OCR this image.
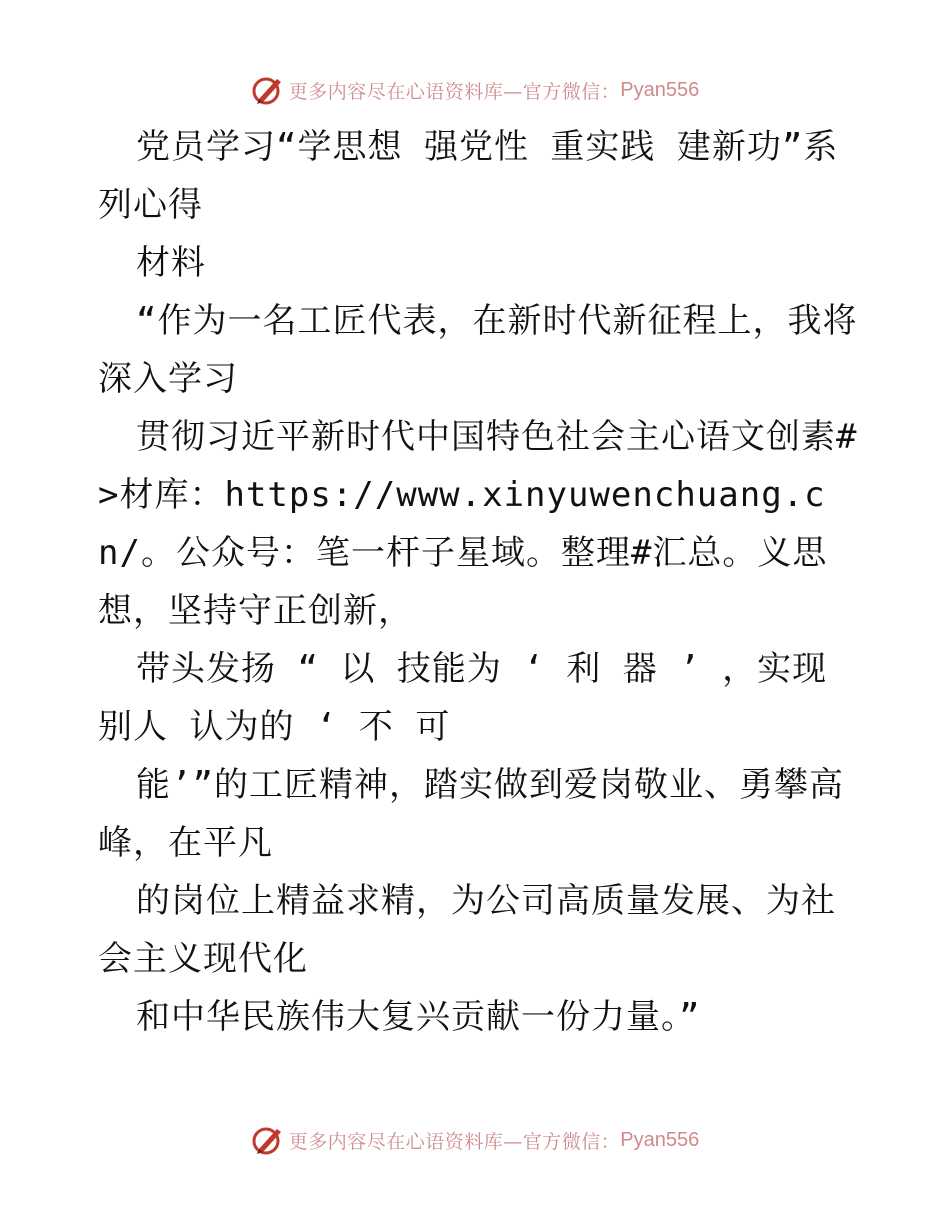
更多内容尽在心语资料库—官方微信： Pyan556

党员学习“学思想 强党性 重实践 建新功”系列心得

材料

“作为一名工匠代表，在新时代新征程上，我将深入学习

贯彻习近平新时代中国特色社会主心语文创素#>材库：https://www.xinyuwenchuang.cn/。公众号：笔一杆子星域。整理#汇总。义思想，坚持守正创新，

带头发扬 “ 以 技能为 ‘ 利 器 ’ ，实现 别人 认为的 ‘ 不 可

能’”的工匠精神，踏实做到爱岗敬业、勇攀高峰，在平凡

的岗位上精益求精，为公司高质量发展、为社会主义现代化

和中华民族伟大复兴贡献一份力量。”

更多内容尽在心语资料库—官方微信： Pyan556
